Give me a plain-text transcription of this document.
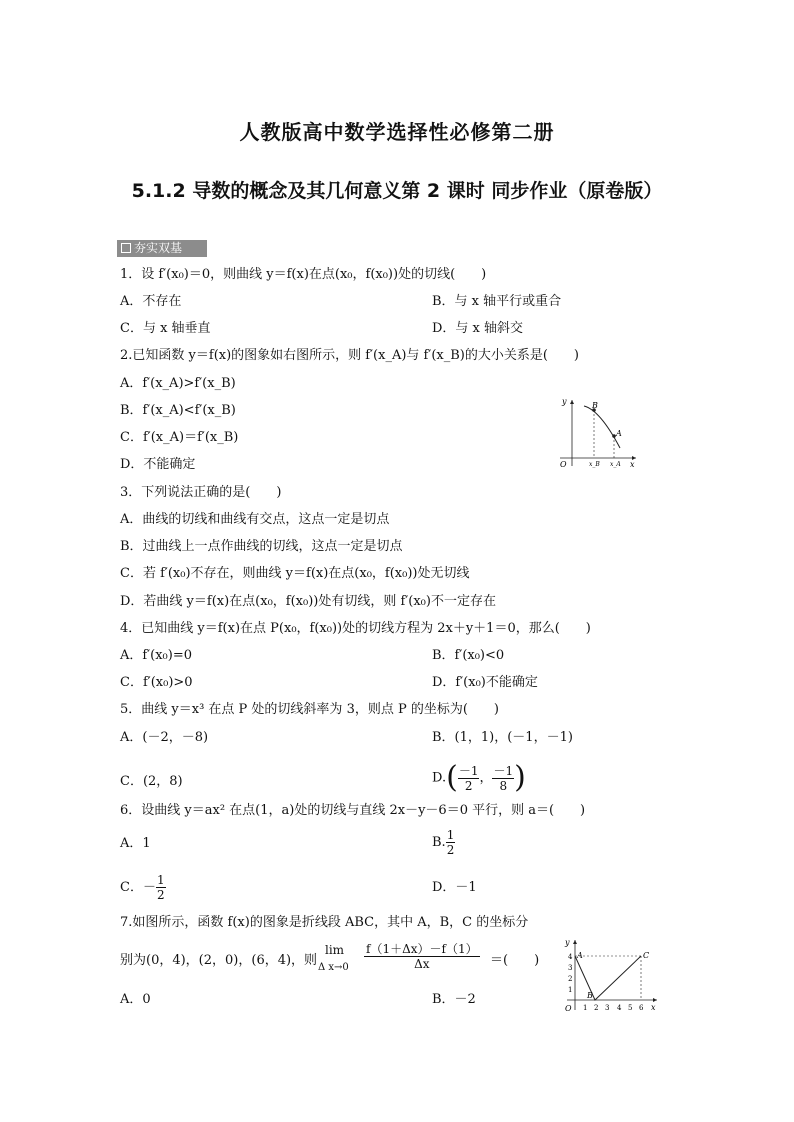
人教版高中数学选择性必修第二册
5.1.2 导数的概念及其几何意义第 2 课时 同步作业（原卷版）
夯实双基
1．设 f′(x₀)＝0，则曲线 y＝f(x)在点(x₀，f(x₀))处的切线(　　)
A．不存在	B．与 x 轴平行或重合
C．与 x 轴垂直	D．与 x 轴斜交
2.已知函数 y＝f(x)的图象如右图所示，则 f′(x_A)与 f′(x_B)的大小关系是(　　)
A．f′(x_A)>f′(x_B)
B．f′(x_A)<f′(x_B)
C．f′(x_A)＝f′(x_B)
D．不能确定
y
O	x
B
A
x_B x_A
3．下列说法正确的是(　　)
A．曲线的切线和曲线有交点，这点一定是切点
B．过曲线上一点作曲线的切线，这点一定是切点
C．若 f′(x₀)不存在，则曲线 y＝f(x)在点(x₀，f(x₀))处无切线
D．若曲线 y＝f(x)在点(x₀，f(x₀))处有切线，则 f′(x₀)不一定存在
4．已知曲线 y＝f(x)在点 P(x₀，f(x₀))处的切线方程为 2x＋y＋1＝0，那么(　　)
A．f′(x₀)=0	B．f′(x₀)<0
C．f′(x₀)>0	D．f′(x₀)不能确定
5．曲线 y＝x³ 在点 P 处的切线斜率为 3，则点 P 的坐标为(　　)
A．(－2，－8)	B．(1，1)，(－1，－1)
C．(2，8)	$D.( \frac{-1}{2}$ ， $\frac{-1}{8}$ )
6．设曲线 y＝ax² 在点(1，a)处的切线与直线 2x－y－6＝0 平行，则 a＝(　　)
A．1	B. $\frac{1}{2}$
C．－ $\frac{1}{2}$	D．－1
7.如图所示，函数 f(x)的图象是折线段 ABC，其中 A，B，C 的坐标分
别为(0，4)，(2，0)，(6，4)，则
lim
Δ $x\to 0 \frac{f(1+\Delta x)-f(1)}{\Delta x}$ ＝(　　)
A．0	B．－2
y
O	x
A
B
C
1 2 3 4 5 6
1
2
3
4
